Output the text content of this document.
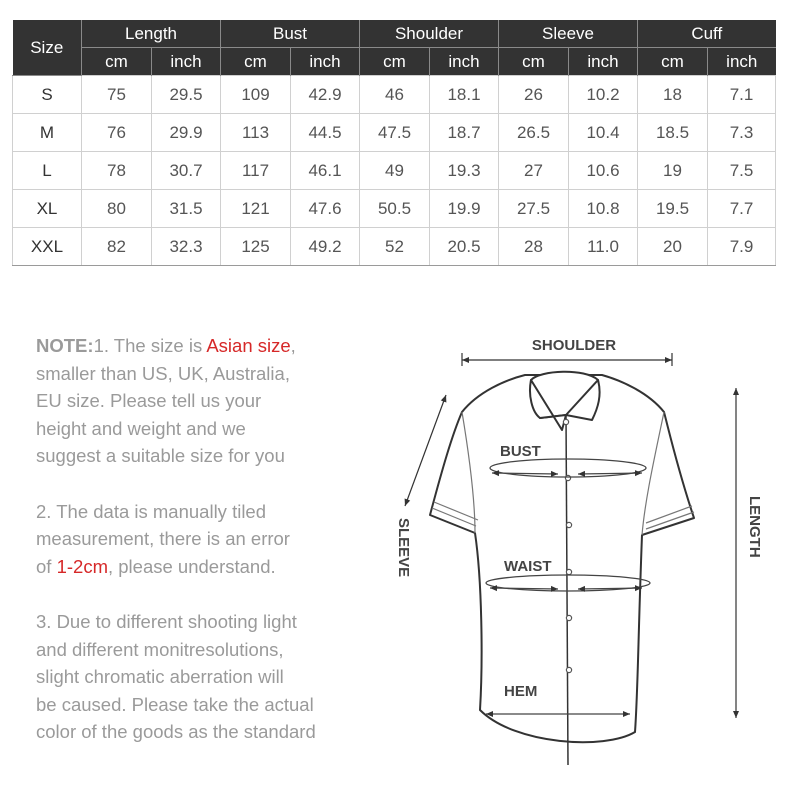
Size	Length		Bust		Shoulder		Sleeve		Cuff	
	cm	inch	cm	inch	cm	inch	cm	inch	cm	inch
S	75	29.5	109	42.9	46	18.1	26	10.2	18	7.1
M	76	29.9	113	44.5	47.5	18.7	26.5	10.4	18.5	7.3
L	78	30.7	117	46.1	49	19.3	27	10.6	19	7.5
XL	80	31.5	121	47.6	50.5	19.9	27.5	10.8	19.5	7.7
XXL	82	32.3	125	49.2	52	20.5	28	11.0	20	7.9

NOTE:1. The size is Asian size,
smaller than US, UK, Australia,
EU size. Please tell us your
height and weight and we
suggest a suitable size for you

2. The data is manually tiled
measurement, there is an error
of 1-2cm, please understand.

3. Due to different shooting light
and different monitresolutions,
slight chromatic aberration will
be caused. Please take the actual
color of the goods as the standard

SHOULDER
BUST
WAIST
HEM
SLEEVE	LENGTH
